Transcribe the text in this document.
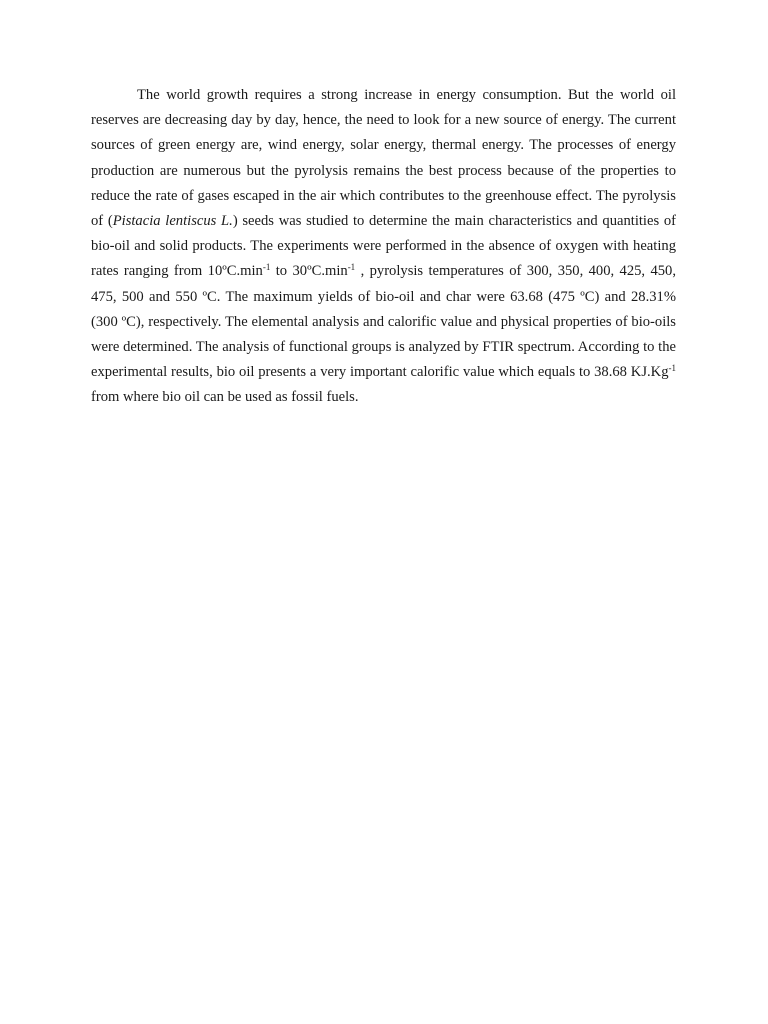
The world growth requires a strong increase in energy consumption. But the world oil reserves are decreasing day by day, hence, the need to look for a new source of energy. The current sources of green energy are, wind energy, solar energy, thermal energy. The processes of energy production are numerous but the pyrolysis remains the best process because of the properties to reduce the rate of gases escaped in the air which contributes to the greenhouse effect. The pyrolysis of (Pistacia lentiscus L.) seeds was studied to determine the main characteristics and quantities of bio-oil and solid products. The experiments were performed in the absence of oxygen with heating rates ranging from $10ºC.\min^{-1}$ to $30ºC.\min^{-1}$ , pyrolysis temperatures of 300, 350, 400, 425, 450, 475, 500 and 550 ºC. The maximum yields of bio-oil and char were 63.68 (475 ºC) and 28.31% (300 ºC), respectively. The elemental analysis and calorific value and physical properties of bio-oils were determined. The analysis of functional groups is analyzed by FTIR spectrum. According to the experimental results, bio oil presents a very important calorific value which equals to 38.68 $KJ.Kg^{-1}$ from where bio oil can be used as fossil fuels.
